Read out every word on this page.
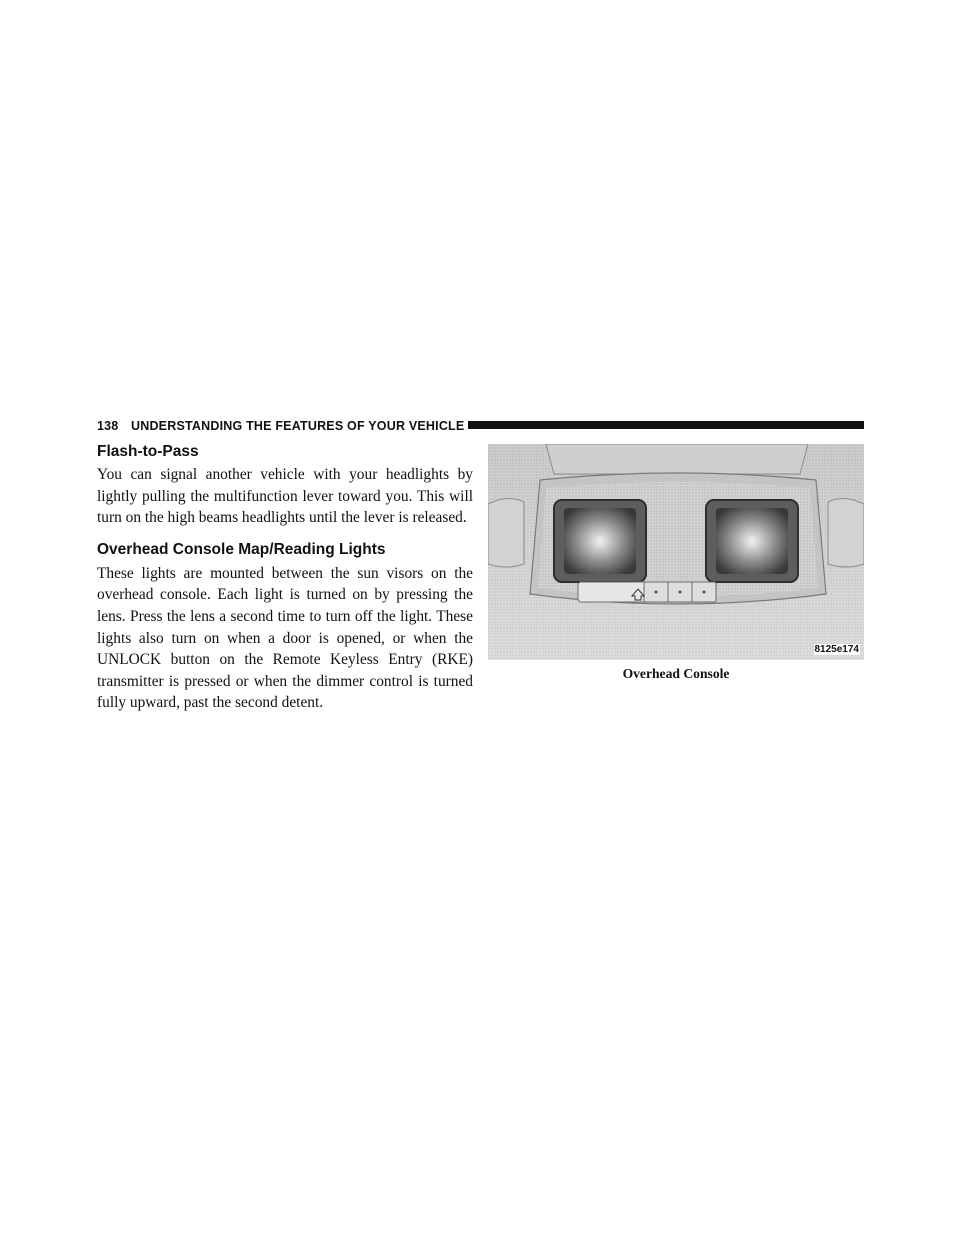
138 UNDERSTANDING THE FEATURES OF YOUR VEHICLE
Flash-to-Pass

You can signal another vehicle with your headlights by lightly pulling the multifunction lever toward you. This will turn on the high beams headlights until the lever is released.

Overhead Console Map/Reading Lights

These lights are mounted between the sun visors on the overhead console. Each light is turned on by pressing the lens. Press the lens a second time to turn off the light. These lights also turn on when a door is opened, or when the UNLOCK button on the Remote Keyless Entry (RKE) transmitter is pressed or when the dimmer control is turned fully upward, past the second detent.

8125e174
Overhead Console
